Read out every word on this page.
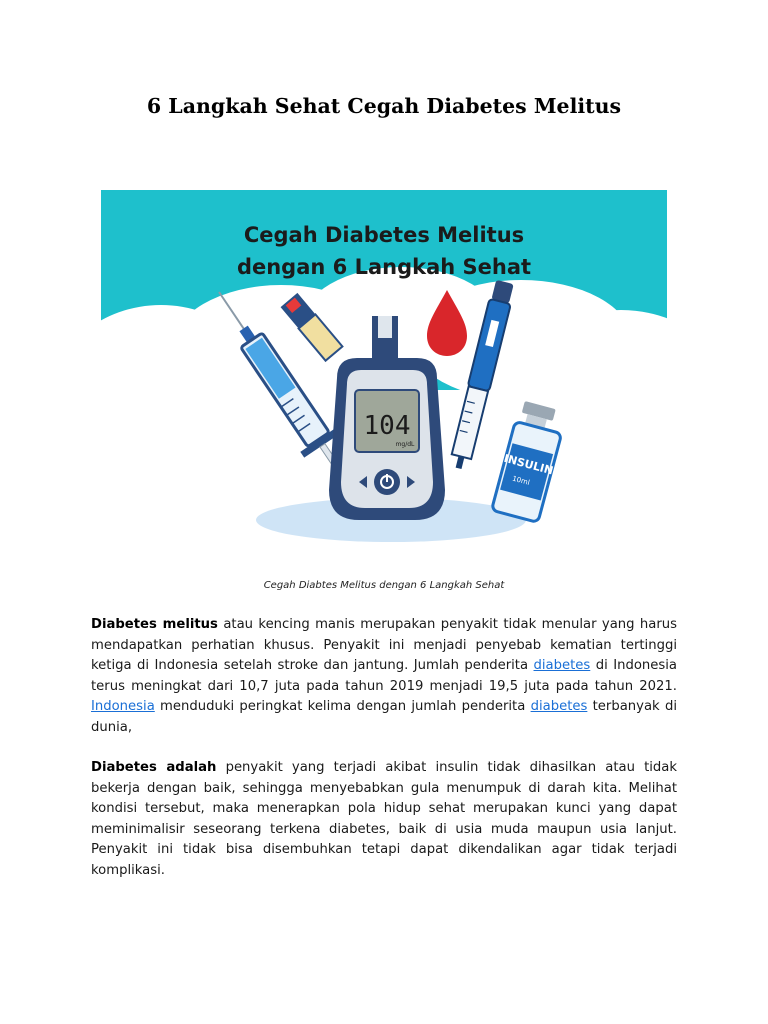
6 Langkah Sehat Cegah Diabetes Melitus
Cegah Diabetes Melitus
dengan 6 Langkah Sehat
104
mg/dL
INSULIN
10ml
Cegah Diabtes Melitus dengan 6 Langkah Sehat

Diabetes melitus atau kencing manis merupakan penyakit tidak menular yang harus mendapatkan perhatian khusus. Penyakit ini menjadi penyebab kematian tertinggi ketiga di Indonesia setelah stroke dan jantung. Jumlah penderita diabetes di Indonesia terus meningkat dari 10,7 juta pada tahun 2019 menjadi 19,5 juta pada tahun 2021. Indonesia menduduki peringkat kelima dengan jumlah penderita diabetes terbanyak di dunia,

Diabetes adalah penyakit yang terjadi akibat insulin tidak dihasilkan atau tidak bekerja dengan baik, sehingga menyebabkan gula menumpuk di darah kita. Melihat kondisi tersebut, maka menerapkan pola hidup sehat merupakan kunci yang dapat meminimalisir seseorang terkena diabetes, baik di usia muda maupun usia lanjut. Penyakit ini tidak bisa disembuhkan tetapi dapat dikendalikan agar tidak terjadi komplikasi.
